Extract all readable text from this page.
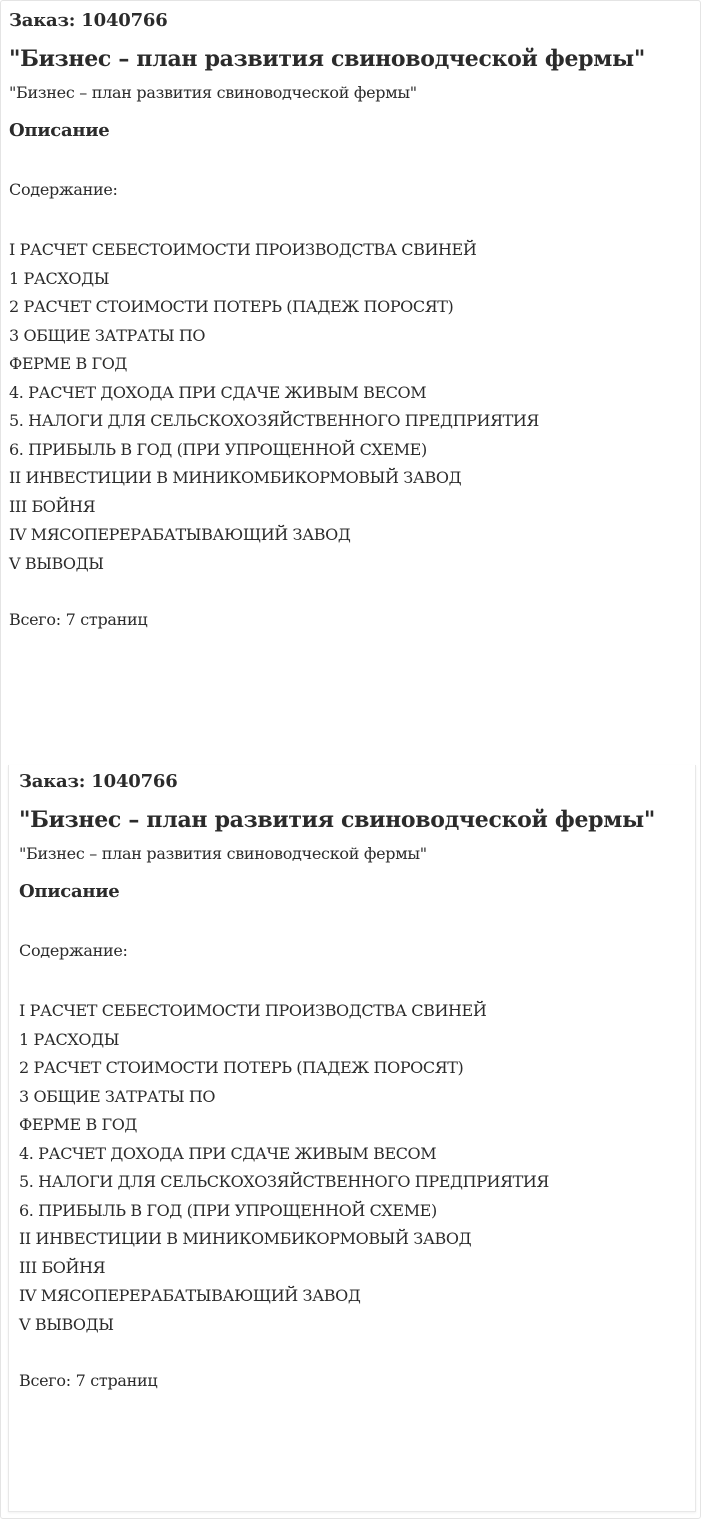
Заказ: 1040766

"Бизнес – план развития свиноводческой фермы"

"Бизнес – план развития свиноводческой фермы"

Описание

Содержание:

I РАСЧЕТ СЕБЕСТОИМОСТИ ПРОИЗВОДСТВА СВИНЕЙ
1 РАСХОДЫ
2 РАСЧЕТ СТОИМОСТИ ПОТЕРЬ (ПАДЕЖ ПОРОСЯТ)
3 ОБЩИЕ ЗАТРАТЫ ПО
ФЕРМЕ В ГОД
4. РАСЧЕТ ДОХОДА ПРИ СДАЧЕ ЖИВЫМ ВЕСОМ
5. НАЛОГИ ДЛЯ СЕЛЬСКОХОЗЯЙСТВЕННОГО ПРЕДПРИЯТИЯ
6. ПРИБЫЛЬ В ГОД (ПРИ УПРОЩЕННОЙ СХЕМЕ)
II ИНВЕСТИЦИИ В МИНИКОМБИКОРМОВЫЙ ЗАВОД
III БОЙНЯ
IV МЯСОПЕРЕРАБАТЫВАЮЩИЙ ЗАВОД
V ВЫВОДЫ

Всего: 7 страниц

Заказ: 1040766

"Бизнес – план развития свиноводческой фермы"

"Бизнес – план развития свиноводческой фермы"

Описание

Содержание:

I РАСЧЕТ СЕБЕСТОИМОСТИ ПРОИЗВОДСТВА СВИНЕЙ
1 РАСХОДЫ
2 РАСЧЕТ СТОИМОСТИ ПОТЕРЬ (ПАДЕЖ ПОРОСЯТ)
3 ОБЩИЕ ЗАТРАТЫ ПО
ФЕРМЕ В ГОД
4. РАСЧЕТ ДОХОДА ПРИ СДАЧЕ ЖИВЫМ ВЕСОМ
5. НАЛОГИ ДЛЯ СЕЛЬСКОХОЗЯЙСТВЕННОГО ПРЕДПРИЯТИЯ
6. ПРИБЫЛЬ В ГОД (ПРИ УПРОЩЕННОЙ СХЕМЕ)
II ИНВЕСТИЦИИ В МИНИКОМБИКОРМОВЫЙ ЗАВОД
III БОЙНЯ
IV МЯСОПЕРЕРАБАТЫВАЮЩИЙ ЗАВОД
V ВЫВОДЫ

Всего: 7 страниц
